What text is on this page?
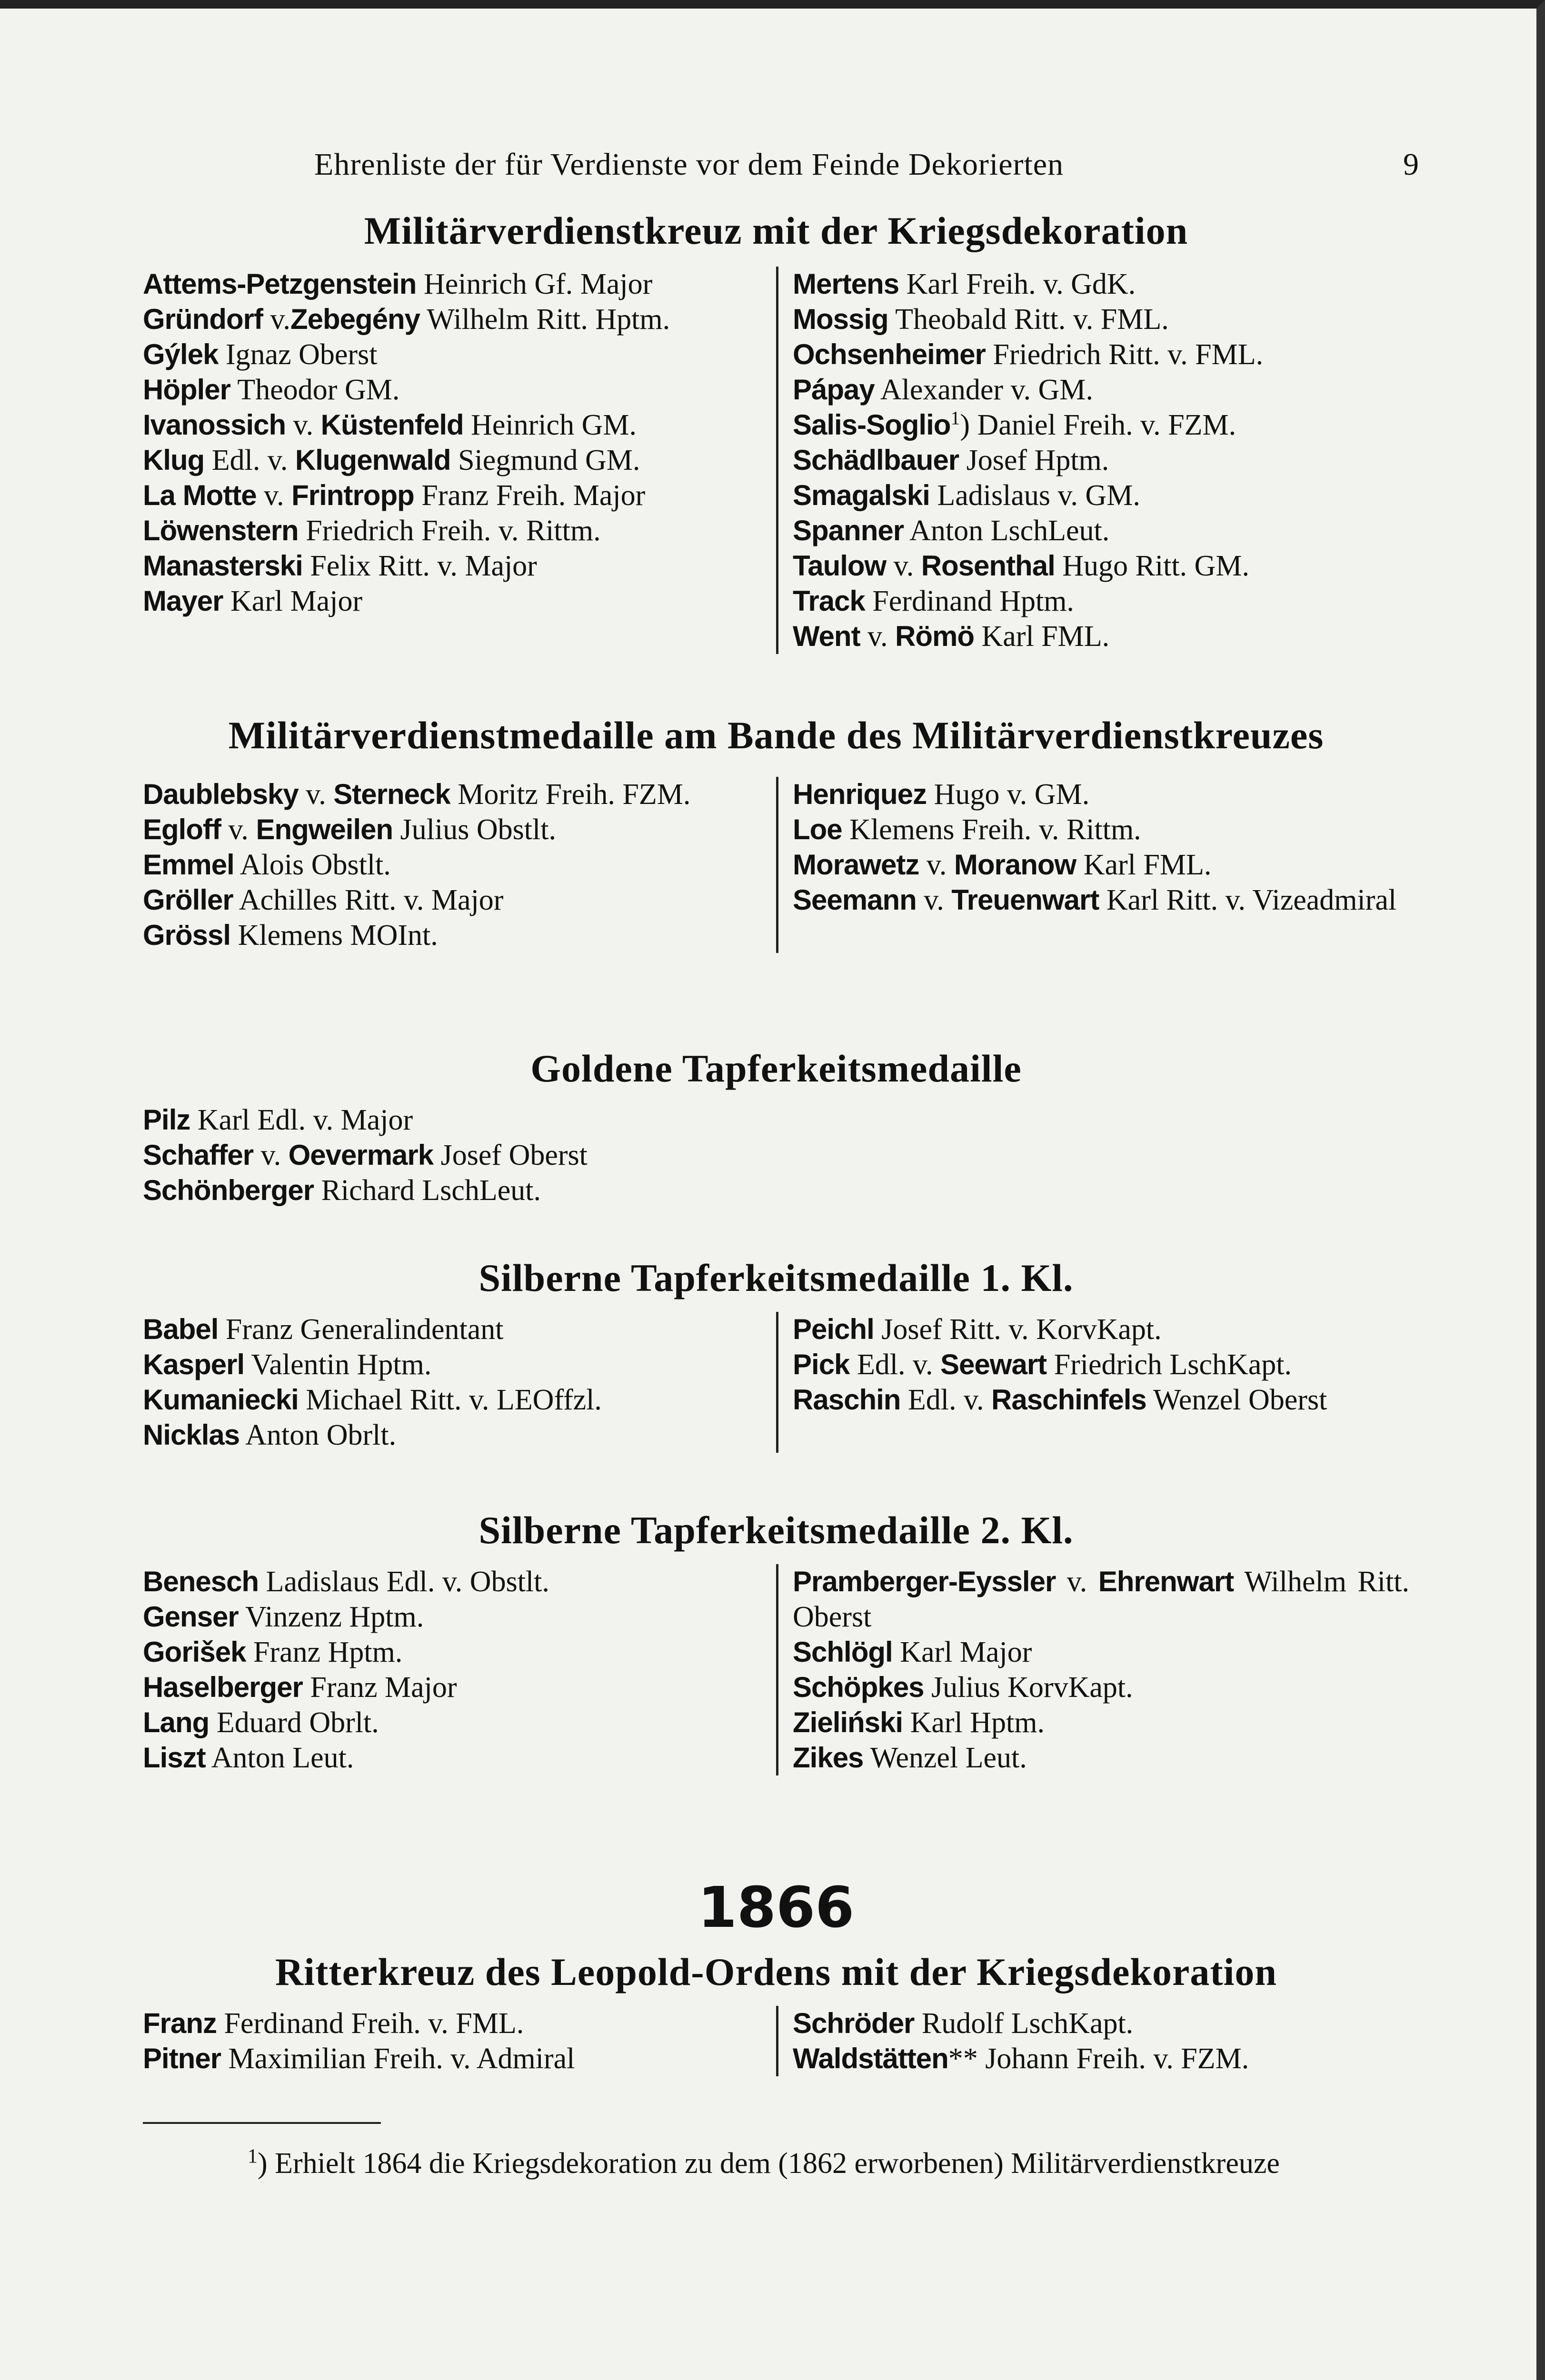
Ehrenliste der für Verdienste vor dem Feinde Dekorierten	9
Militärverdienstkreuz mit der Kriegsdekoration

Attems-Petzgenstein Heinrich Gf. Major

Gründorf v.Zebegény Wilhelm Ritt. Hptm.

Gýlek Ignaz Oberst

Höpler Theodor GM.

Ivanossich v. Küstenfeld Heinrich GM.

Klug Edl. v. Klugenwald Siegmund GM.

La Motte v. Frintropp Franz Freih. Major

Löwenstern Friedrich Freih. v. Rittm.

Manasterski Felix Ritt. v. Major

Mayer Karl Major

Mertens Karl Freih. v. GdK.

Mossig Theobald Ritt. v. FML.

Ochsenheimer Friedrich Ritt. v. FML.

Pápay Alexander v. GM.

Salis-Soglio$^1$) Daniel Freih. v. FZM.

Schädlbauer Josef Hptm.

Smagalski Ladislaus v. GM.

Spanner Anton LschLeut.

Taulow v. Rosenthal Hugo Ritt. GM.

Track Ferdinand Hptm.

Went v. Römö Karl FML.

Militärverdienstmedaille am Bande des Militärverdienstkreuzes

Daublebsky v. Sterneck Moritz Freih. FZM.

Egloff v. Engweilen Julius Obstlt.

Emmel Alois Obstlt.

Gröller Achilles Ritt. v. Major

Grössl Klemens MOInt.

Henriquez Hugo v. GM.

Loe Klemens Freih. v. Rittm.

Morawetz v. Moranow Karl FML.

Seemann v. Treuenwart Karl Ritt. v. Vizeadmiral

Goldene Tapferkeitsmedaille

Pilz Karl Edl. v. Major

Schaffer v. Oevermark Josef Oberst

Schönberger Richard LschLeut.

Silberne Tapferkeitsmedaille 1. Kl.

Babel Franz Generalindentant

Kasperl Valentin Hptm.

Kumaniecki Michael Ritt. v. LEOffzl.

Nicklas Anton Obrlt.

Peichl Josef Ritt. v. KorvKapt.

Pick Edl. v. Seewart Friedrich LschKapt.

Raschin Edl. v. Raschinfels Wenzel Oberst

Silberne Tapferkeitsmedaille 2. Kl.

Benesch Ladislaus Edl. v. Obstlt.

Genser Vinzenz Hptm.

Gorišek Franz Hptm.

Haselberger Franz Major

Lang Eduard Obrlt.

Liszt Anton Leut.

Pramberger-Eyssler v. Ehrenwart Wilhelm Ritt. Oberst

Schlögl Karl Major

Schöpkes Julius KorvKapt.

Zieliński Karl Hptm.

Zikes Wenzel Leut.

1866
Ritterkreuz des Leopold-Ordens mit der Kriegsdekoration

Franz Ferdinand Freih. v. FML.

Pitner Maximilian Freih. v. Admiral

Schröder Rudolf LschKapt.

Waldstätten** Johann Freih. v. FZM.

$^1$) Erhielt 1864 die Kriegsdekoration zu dem (1862 erworbenen) Militärverdienstkreuze
